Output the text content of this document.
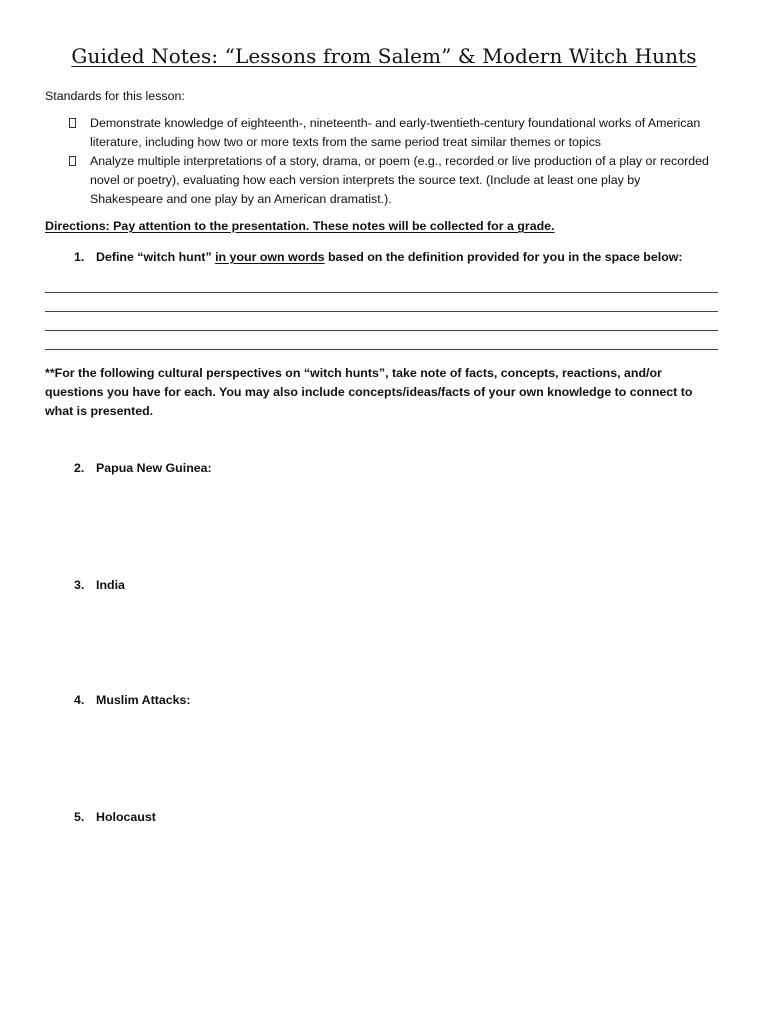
Guided Notes: “Lessons from Salem” & Modern Witch Hunts
Standards for this lesson:
Demonstrate knowledge of eighteenth-, nineteenth- and early-twentieth-century foundational works of American literature, including how two or more texts from the same period treat similar themes or topics
Analyze multiple interpretations of a story, drama, or poem (e.g., recorded or live production of a play or recorded novel or poetry), evaluating how each version interprets the source text. (Include at least one play by Shakespeare and one play by an American dramatist.).
Directions: Pay attention to the presentation. These notes will be collected for a grade.
1. Define “witch hunt” in your own words based on the definition provided for you in the space below:
**For the following cultural perspectives on “witch hunts”, take note of facts, concepts, reactions, and/or questions you have for each. You may also include concepts/ideas/facts of your own knowledge to connect to what is presented.
2. Papua New Guinea:
3. India
4. Muslim Attacks:
5. Holocaust
